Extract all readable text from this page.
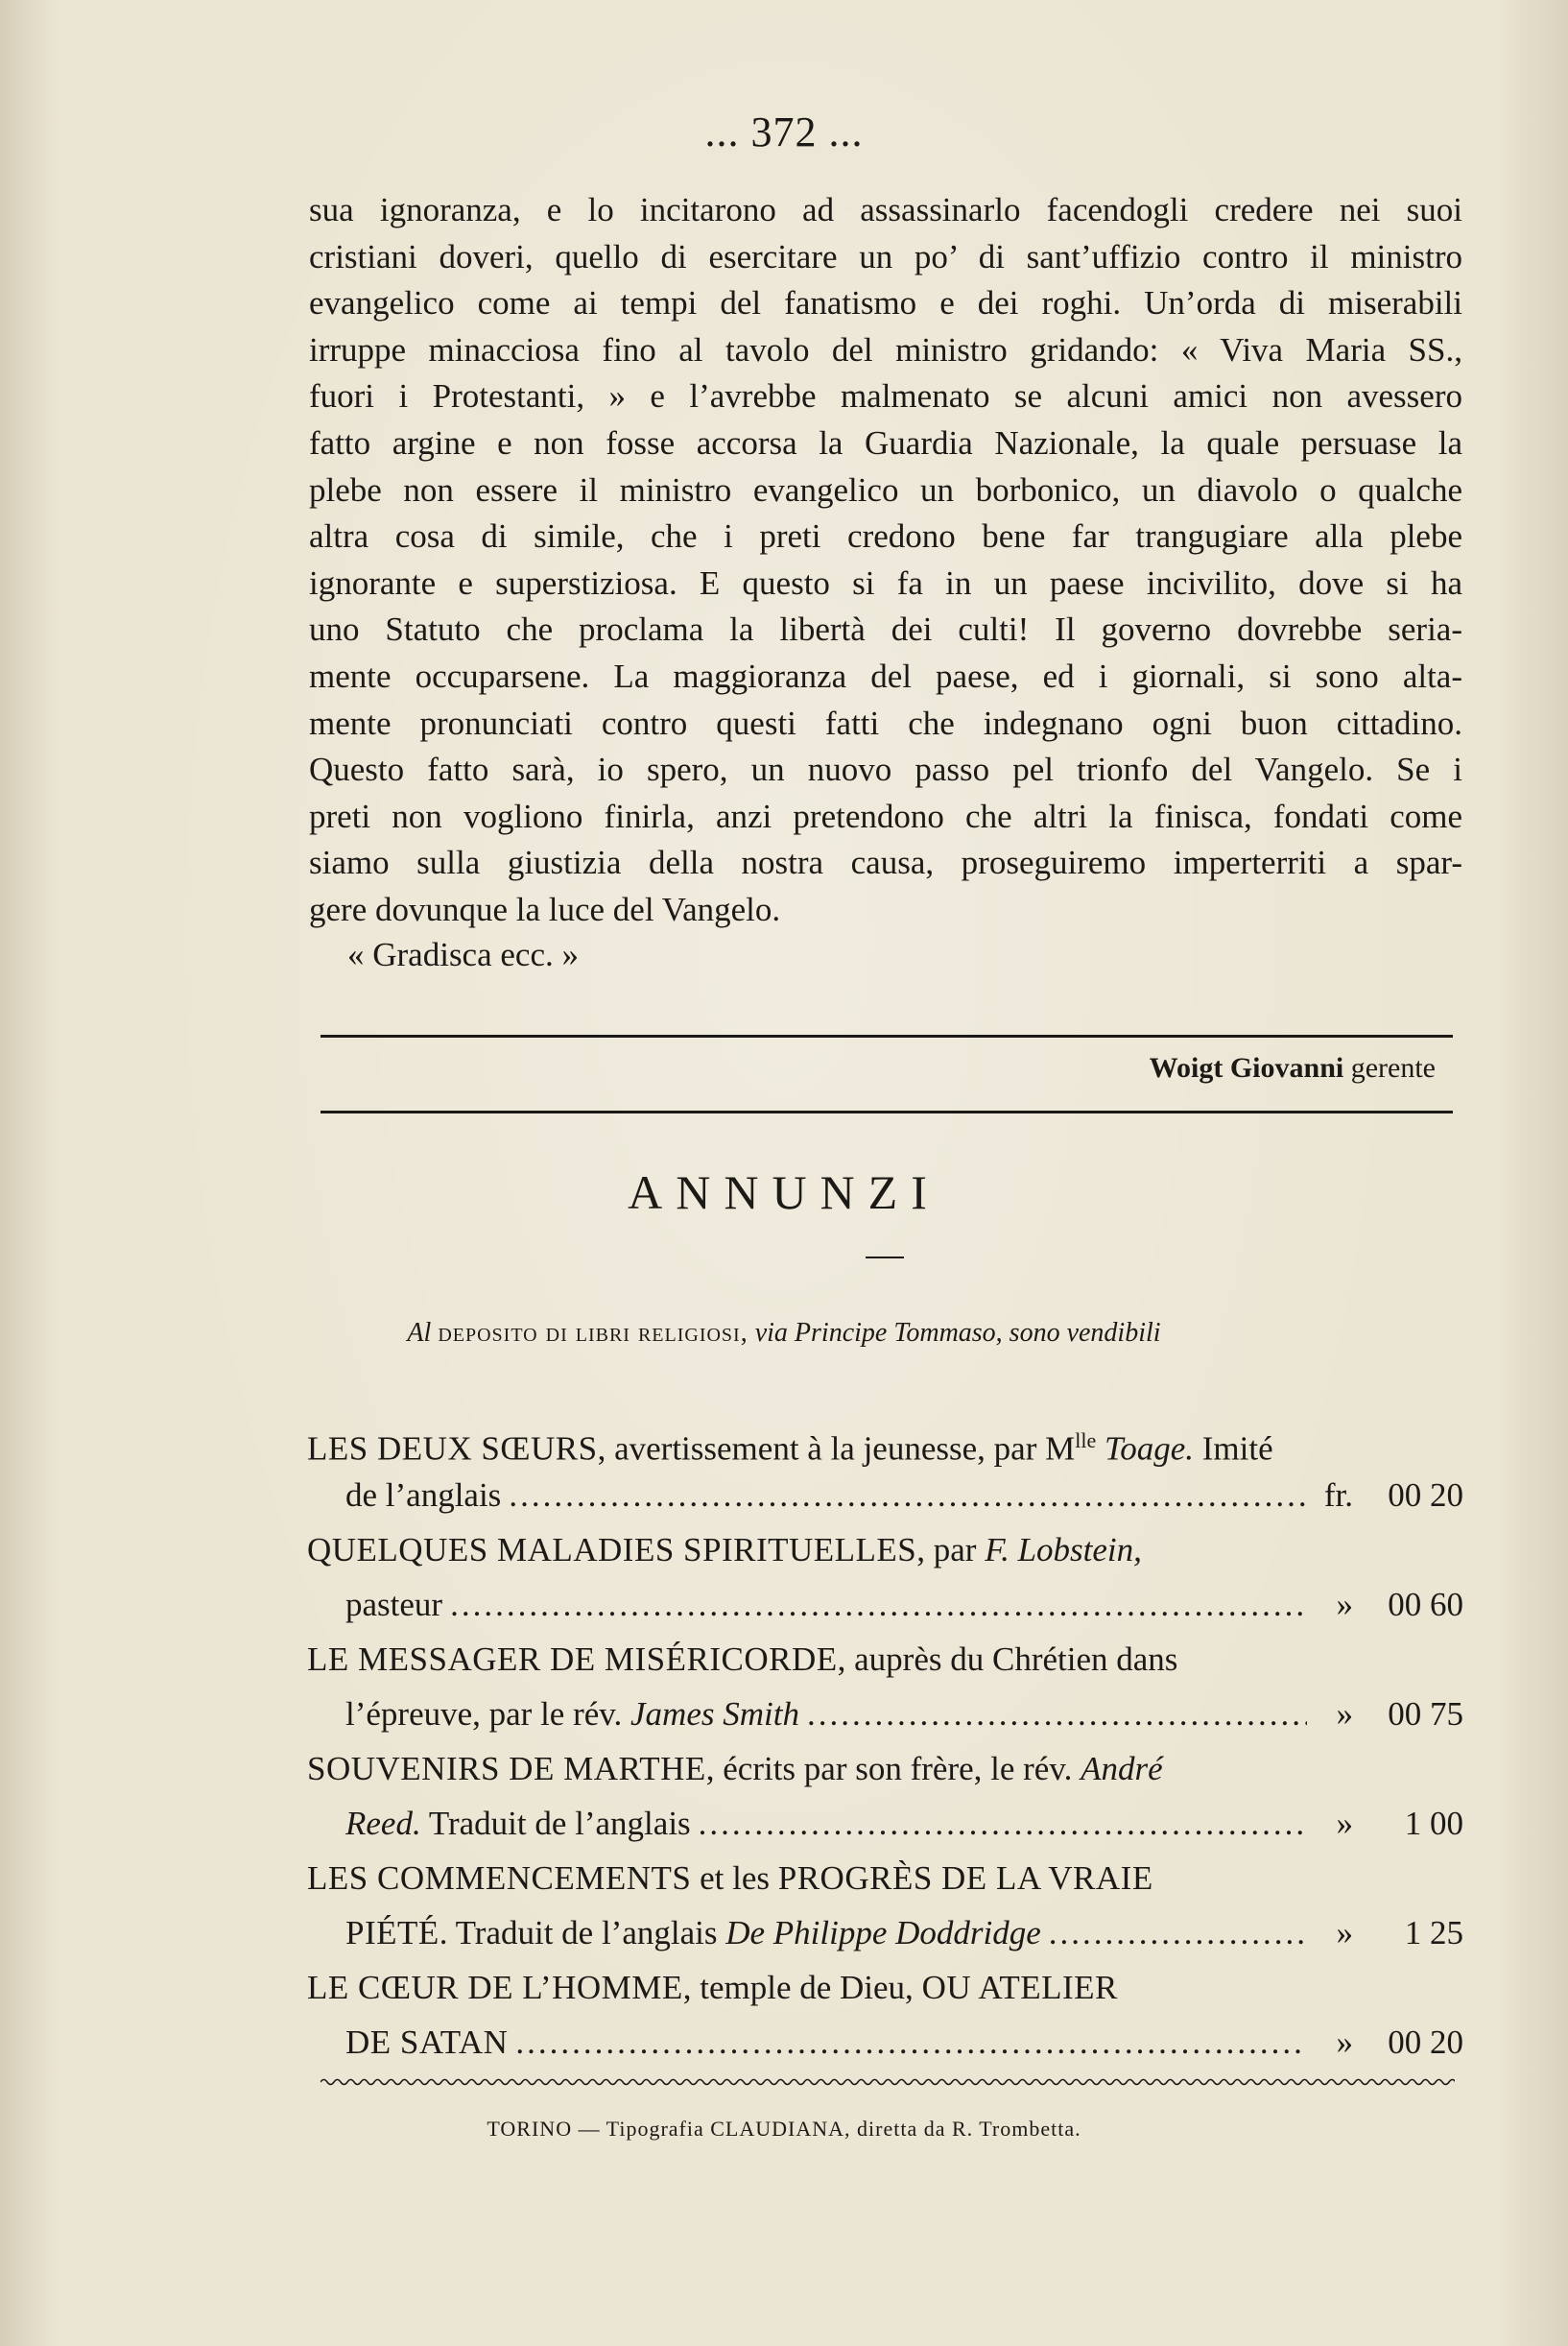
... 372 ...
sua ignoranza, e lo incitarono ad assassinarlo facendogli credere nei suoi
cristiani doveri, quello di esercitare un po’ di sant’uffizio contro il ministro
evangelico come ai tempi del fanatismo e dei roghi. Un’orda di miserabili
irruppe minacciosa fino al tavolo del ministro gridando: « Viva Maria SS.,
fuori i Protestanti, » e l’avrebbe malmenato se alcuni amici non avessero
fatto argine e non fosse accorsa la Guardia Nazionale, la quale persuase la
plebe non essere il ministro evangelico un borbonico, un diavolo o qualche
altra cosa di simile, che i preti credono bene far trangugiare alla plebe
ignorante e superstiziosa. E questo si fa in un paese incivilito, dove si ha
uno Statuto che proclama la libertà dei culti! Il governo dovrebbe seria-
mente occuparsene. La maggioranza del paese, ed i giornali, si sono alta-
mente pronunciati contro questi fatti che indegnano ogni buon cittadino.
Questo fatto sarà, io spero, un nuovo passo pel trionfo del Vangelo. Se i
preti non vogliono finirla, anzi pretendono che altri la finisca, fondati come
siamo sulla giustizia della nostra causa, proseguiremo imperterriti a spar-
gere dovunque la luce del Vangelo.
« Gradisca ecc. »
Woigt Giovanni gerente
ANNUNZI
Al deposito di libri religiosi, via Principe Tommaso, sono vendibili
LES DEUX SŒURS, avertissement à la jeunesse, par $M^{lle}$ Toage. Imité
de l’anglais .....	fr.	00 20
QUELQUES MALADIES SPIRITUELLES, par F. Lobstein,
pasteur .....	»	00 60
LE MESSAGER DE MISÉRICORDE, auprès du Chrétien dans
l’épreuve, par le rév. James Smith .....	»	00 75
SOUVENIRS DE MARTHE, écrits par son frère, le rév. André
Reed. Traduit de l’anglais .....	»	1 00
LES COMMENCEMENTS et les PROGRÈS DE LA VRAIE
PIÉTÉ. Traduit de l’anglais De Philippe Doddridge .....	»	1 25
LE CŒUR DE L’HOMME, temple de Dieu, OU ATELIER
DE SATAN .....	»	00 20
TORINO — Tipografia CLAUDIANA, diretta da R. Trombetta.
